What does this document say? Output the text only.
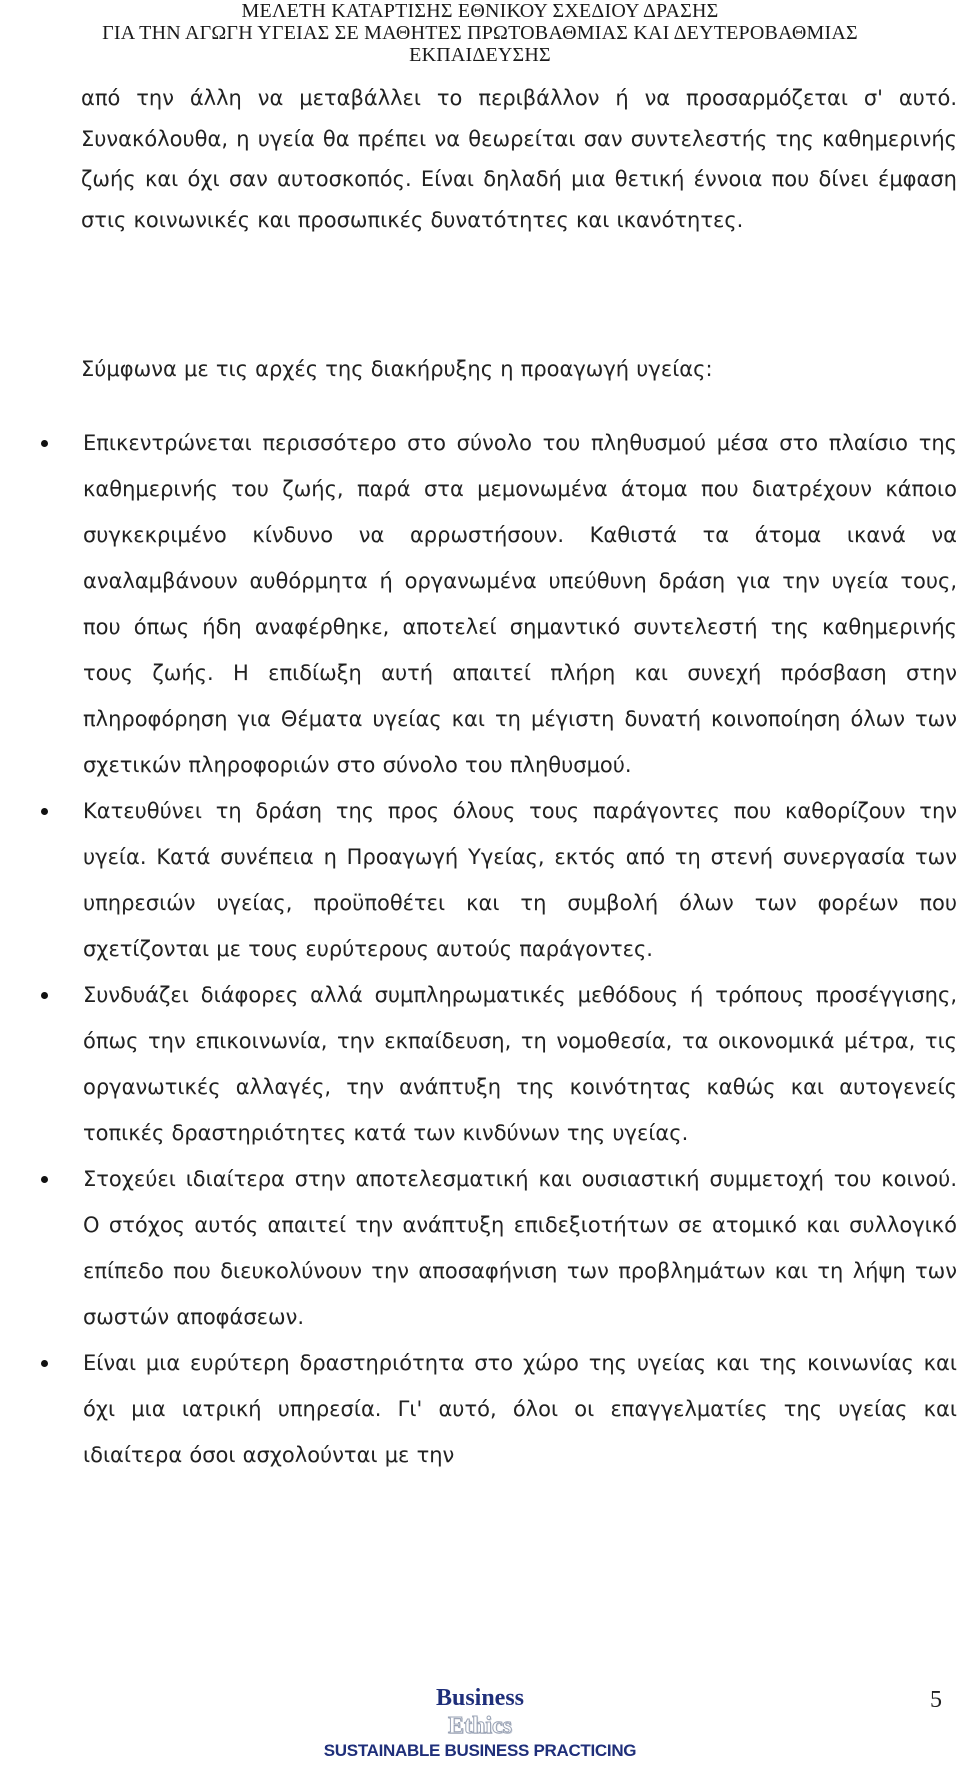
ΜΕΛΕΤΗ ΚΑΤΑΡΤΙΣΗΣ ΕΘΝΙΚΟΥ ΣΧΕΔΙΟΥ ΔΡΑΣΗΣ
ΓΙΑ ΤΗΝ ΑΓΩΓΗ ΥΓΕΙΑΣ ΣΕ ΜΑΘΗΤΕΣ ΠΡΩΤΟΒΑΘΜΙΑΣ ΚΑΙ ΔΕΥΤΕΡΟΒΑΘΜΙΑΣ
ΕΚΠΑΙΔΕΥΣΗΣ

από την άλλη να μεταβάλλει το περιβάλλον ή να προσαρμόζεται σ' αυτό. Συνακόλουθα, η υγεία θα πρέπει να θεωρείται σαν συντελεστής της καθημερινής ζωής και όχι σαν αυτοσκοπός. Είναι δηλαδή μια θετική έννοια που δίνει έμφαση στις κοινωνικές και προσωπικές δυνατότητες και ικανότητες.

Σύμφωνα με τις αρχές της διακήρυξης η προαγωγή υγείας:

Επικεντρώνεται περισσότερο στο σύνολο του πληθυσμού μέσα στο πλαίσιο της καθημερινής του ζωής, παρά στα μεμονωμένα άτομα που διατρέχουν κάποιο συγκεκριμένο κίνδυνο να αρρωστήσουν. Καθιστά τα άτομα ικανά να αναλαμβάνουν αυθόρμητα ή οργανωμένα υπεύθυνη δράση για την υγεία τους, που όπως ήδη αναφέρθηκε, αποτελεί σημαντικό συντελεστή της καθημερινής τους ζωής. Η επιδίωξη αυτή απαιτεί πλήρη και συνεχή πρόσβαση στην πληροφόρηση για Θέματα υγείας και τη μέγιστη δυνατή κοινοποίηση όλων των σχετικών πληροφοριών στο σύνολο του πληθυσμού.
Κατευθύνει τη δράση της προς όλους τους παράγοντες που καθορίζουν την υγεία. Κατά συνέπεια η Προαγωγή Υγείας, εκτός από τη στενή συνεργασία των υπηρεσιών υγείας, προϋποθέτει και τη συμβολή όλων των φορέων που σχετίζονται με τους ευρύτερους αυτούς παράγοντες.
Συνδυάζει διάφορες αλλά συμπληρωματικές μεθόδους ή τρόπους προσέγγισης, όπως την επικοινωνία, την εκπαίδευση, τη νομοθεσία, τα οικονομικά μέτρα, τις οργανωτικές αλλαγές, την ανάπτυξη της κοινότητας καθώς και αυτογενείς τοπικές δραστηριότητες κατά των κινδύνων της υγείας.
Στοχεύει ιδιαίτερα στην αποτελεσματική και ουσιαστική συμμετοχή του κοινού. Ο στόχος αυτός απαιτεί την ανάπτυξη επιδεξιοτήτων σε ατομικό και συλλογικό επίπεδο που διευκολύνουν την αποσαφήνιση των προβλημάτων και τη λήψη των σωστών αποφάσεων.
Είναι μια ευρύτερη δραστηριότητα στο χώρο της υγείας και της κοινωνίας και όχι μια ιατρική υπηρεσία. Γι' αυτό, όλοι οι επαγγελματίες της υγείας και ιδιαίτερα όσοι ασχολούνται με την
Business
Ethics
SUSTAINABLE BUSINESS PRACTICING
5
